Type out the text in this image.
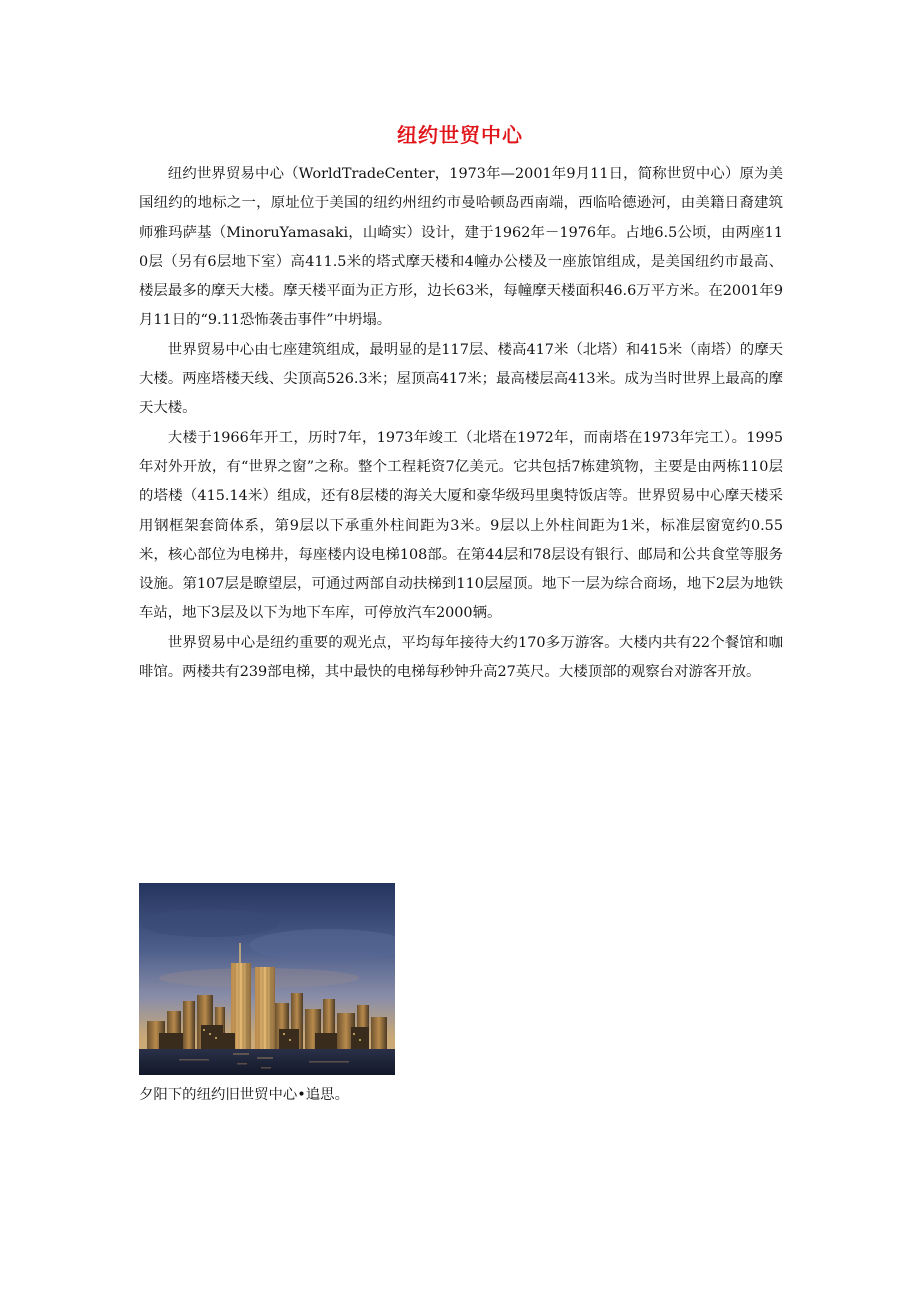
纽约世贸中心

纽约世界贸易中心（WorldTradeCenter，1973年—2001年9月11日，简称世贸中心）原为美国纽约的地标之一，原址位于美国的纽约州纽约市曼哈顿岛西南端，西临哈德逊河，由美籍日裔建筑师雅玛萨基（MinoruYamasaki，山崎实）设计，建于1962年－1976年。占地6.5公顷，由两座110层（另有6层地下室）高411.5米的塔式摩天楼和4幢办公楼及一座旅馆组成，是美国纽约市最高、楼层最多的摩天大楼。摩天楼平面为正方形，边长63米，每幢摩天楼面积46.6万平方米。在2001年9月11日的“9.11恐怖袭击事件”中坍塌。

世界贸易中心由七座建筑组成，最明显的是117层、楼高417米（北塔）和415米（南塔）的摩天大楼。两座塔楼天线、尖顶高526.3米；屋顶高417米；最高楼层高413米。成为当时世界上最高的摩天大楼。

大楼于1966年开工，历时7年，1973年竣工（北塔在1972年，而南塔在1973年完工）。1995年对外开放，有“世界之窗”之称。整个工程耗资7亿美元。它共包括7栋建筑物，主要是由两栋110层的塔楼（415.14米）组成，还有8层楼的海关大厦和豪华级玛里奥特饭店等。世界贸易中心摩天楼采用钢框架套筒体系，第9层以下承重外柱间距为3米。9层以上外柱间距为1米，标准层窗宽约0.55米，核心部位为电梯井，每座楼内设电梯108部。在第44层和78层设有银行、邮局和公共食堂等服务设施。第107层是瞭望层，可通过两部自动扶梯到110层屋顶。地下一层为综合商场，地下2层为地铁车站，地下3层及以下为地下车库，可停放汽车2000辆。

世界贸易中心是纽约重要的观光点，平均每年接待大约170多万游客。大楼内共有22个餐馆和咖啡馆。两楼共有239部电梯，其中最快的电梯每秒钟升高27英尺。大楼顶部的观察台对游客开放。

夕阳下的纽约旧世贸中心•追思。
